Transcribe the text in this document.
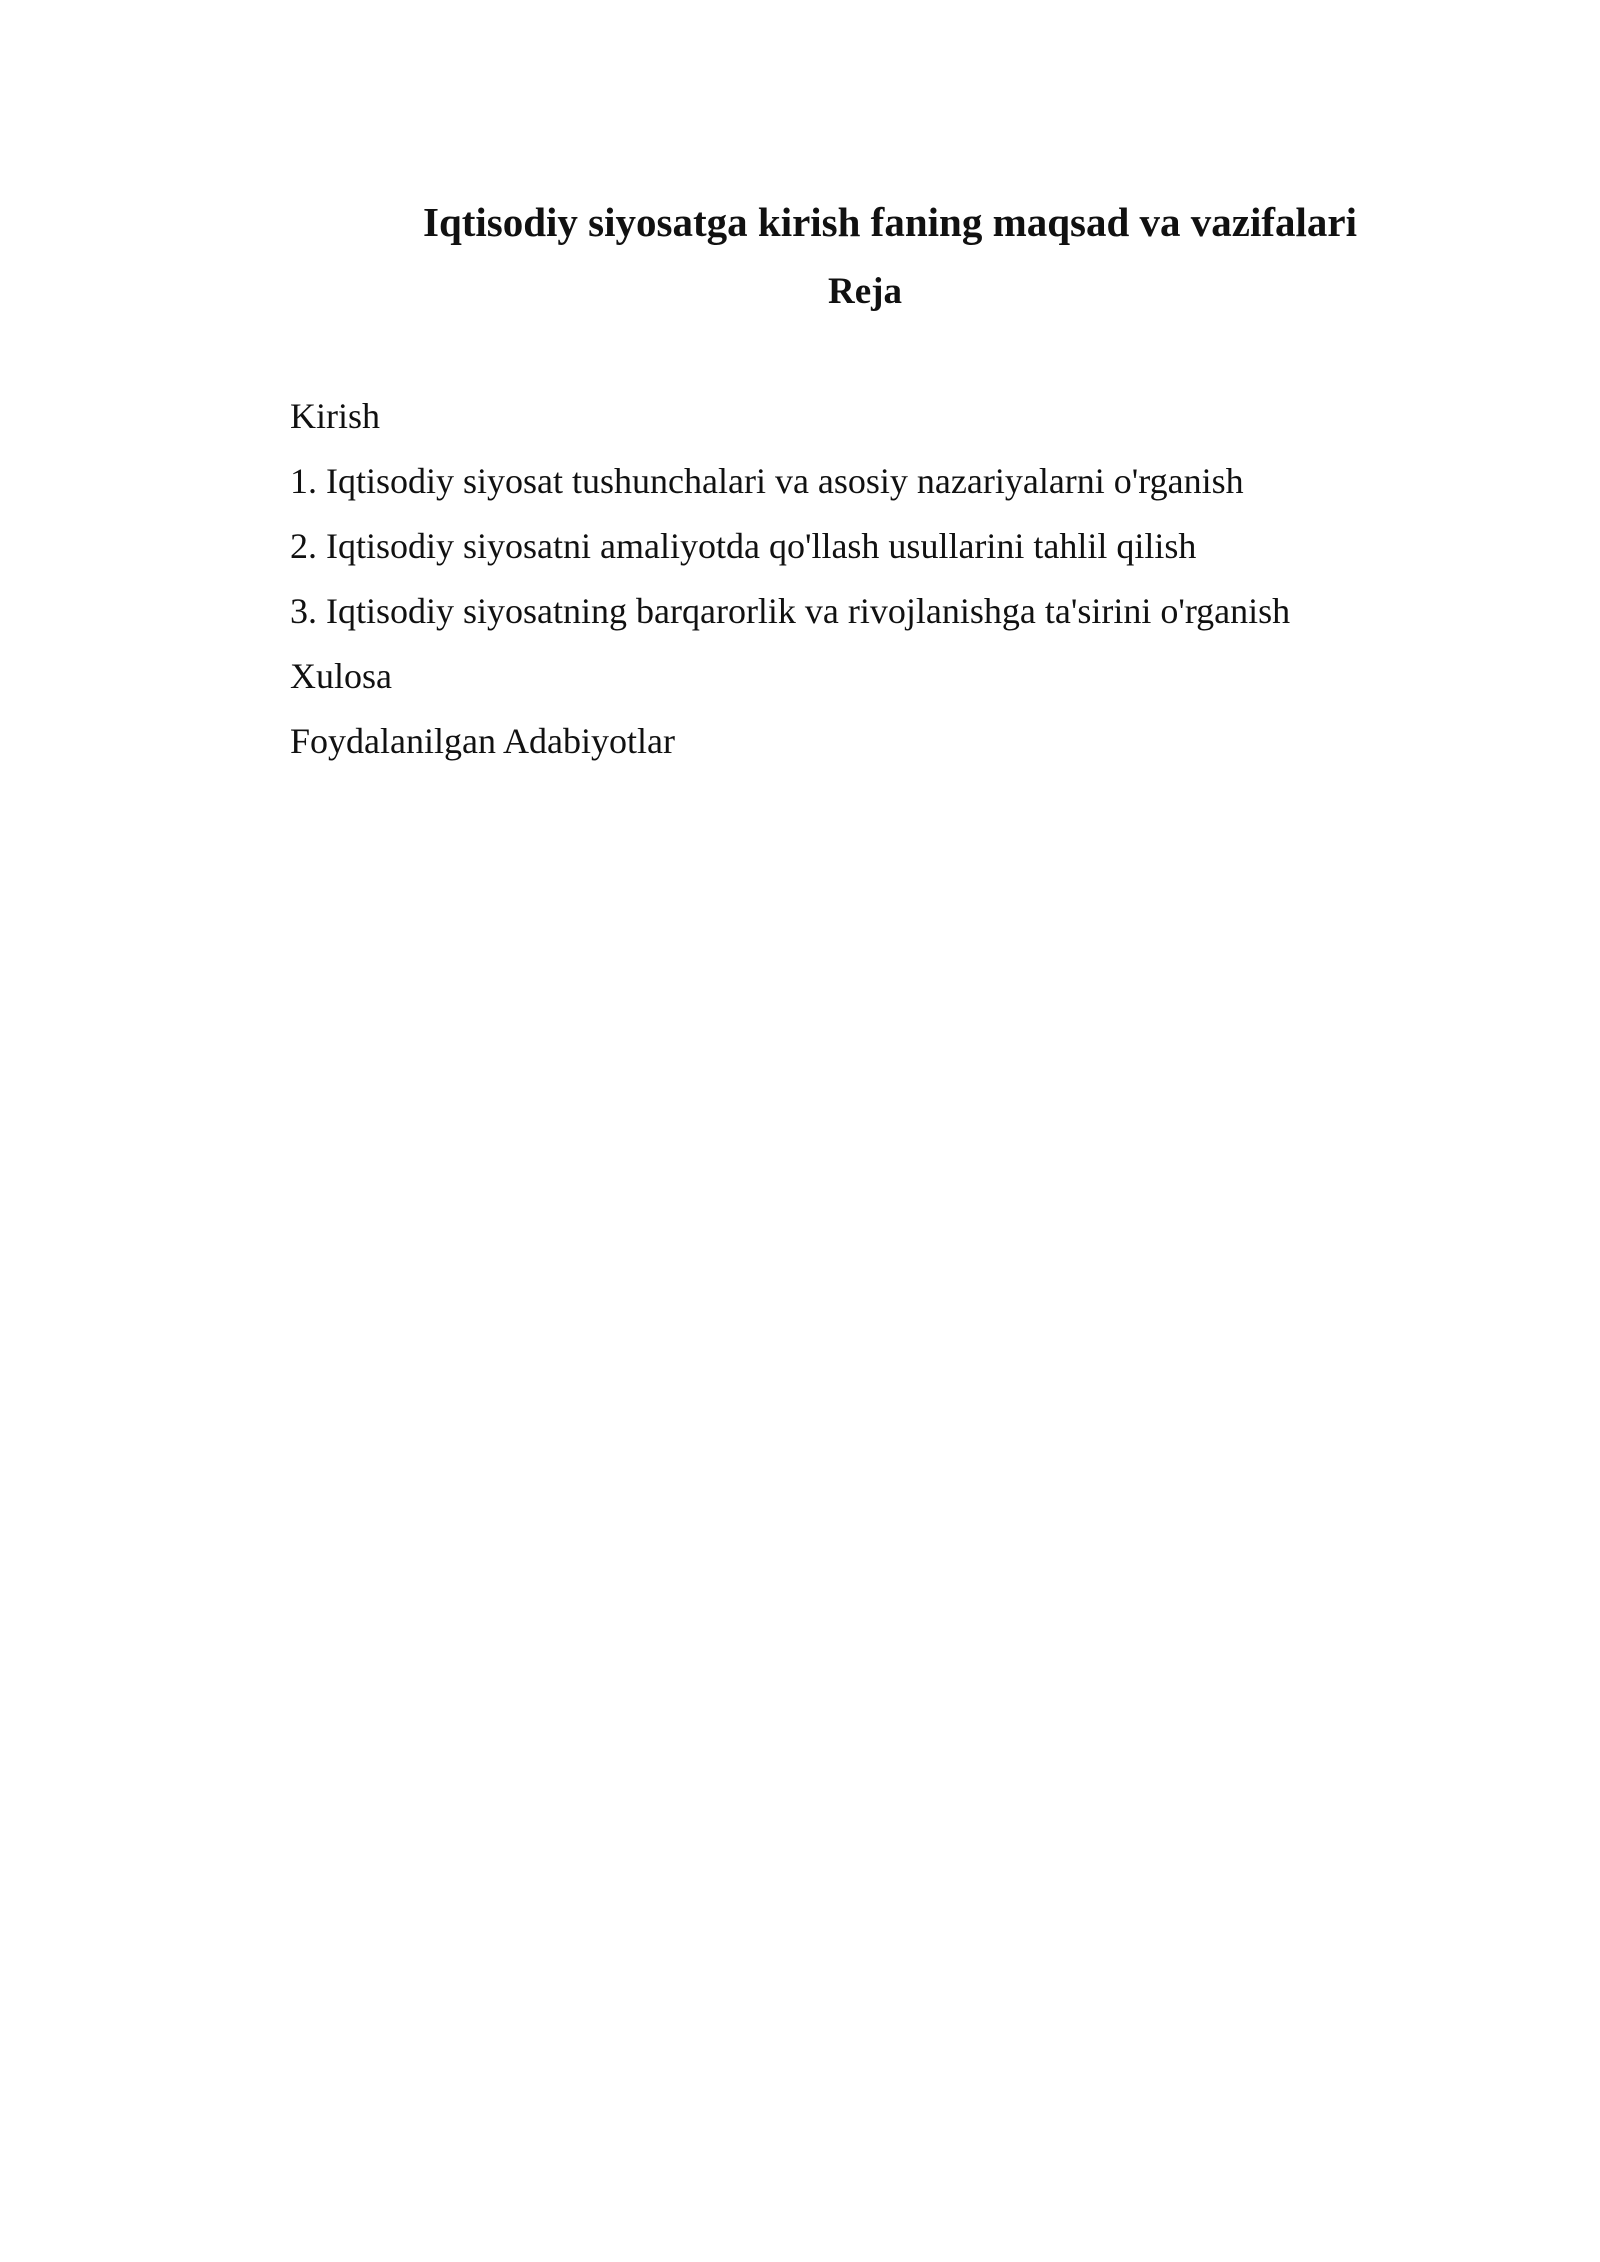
Iqtisodiy siyosatga kirish faning maqsad va vazifalari
Reja
Kirish
1. Iqtisodiy siyosat tushunchalari va asosiy nazariyalarni o'rganish
2. Iqtisodiy siyosatni amaliyotda qo'llash usullarini tahlil qilish
3. Iqtisodiy siyosatning barqarorlik va rivojlanishga ta'sirini o'rganish
Xulosa
Foydalanilgan Adabiyotlar
